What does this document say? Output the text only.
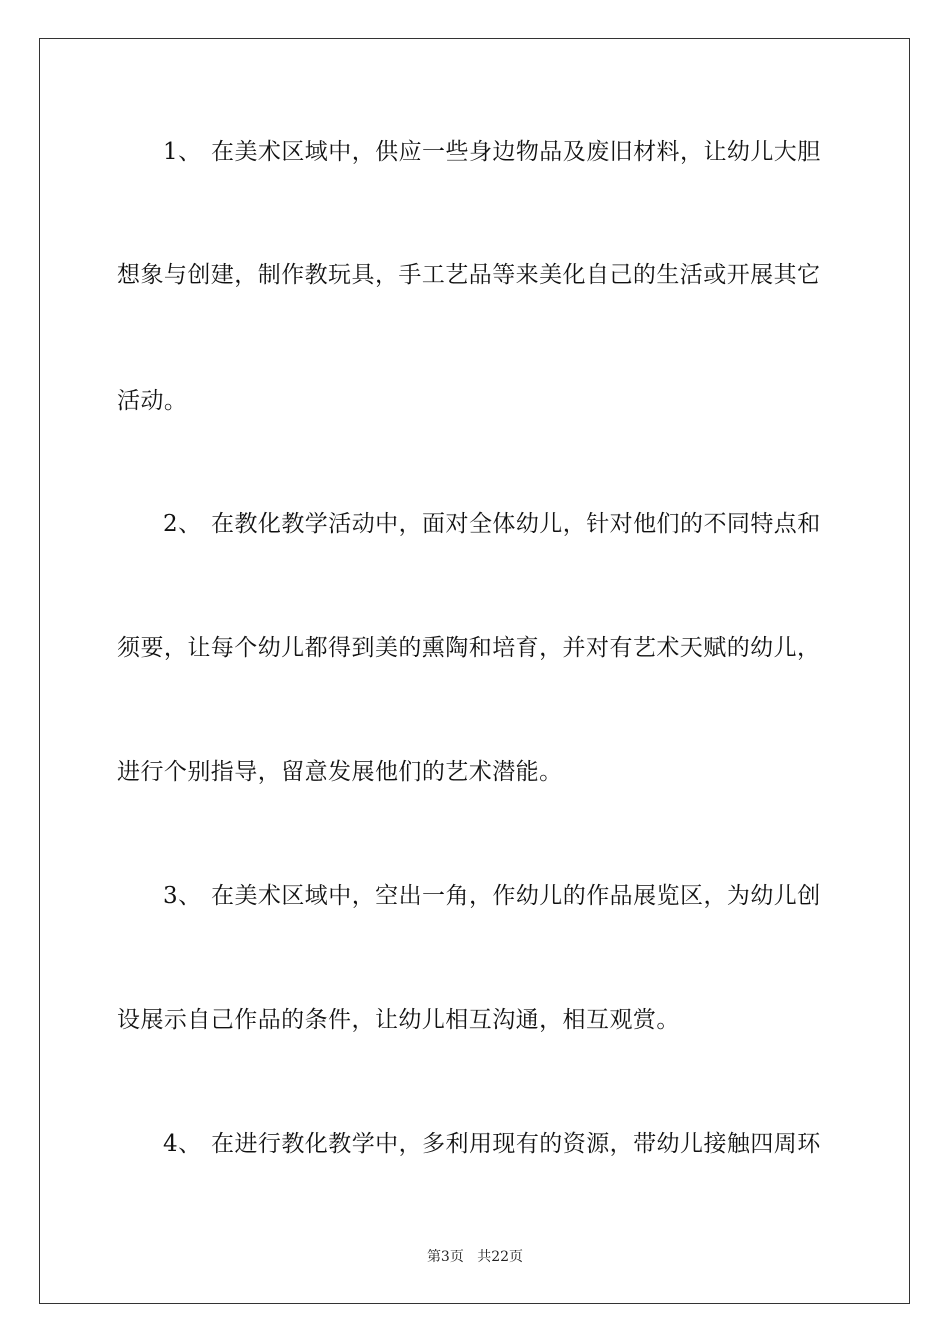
1、 在美术区域中，供应一些身边物品及废旧材料，让幼儿大胆
想象与创建，制作教玩具，手工艺品等来美化自己的生活或开展其它
活动。
2、 在教化教学活动中，面对全体幼儿，针对他们的不同特点和
须要，让每个幼儿都得到美的熏陶和培育，并对有艺术天赋的幼儿，
进行个别指导，留意发展他们的艺术潜能。
3、 在美术区域中，空出一角，作幼儿的作品展览区，为幼儿创
设展示自己作品的条件，让幼儿相互沟通，相互观赏。
4、 在进行教化教学中，多利用现有的资源，带幼儿接触四周环
第3页 共22页
